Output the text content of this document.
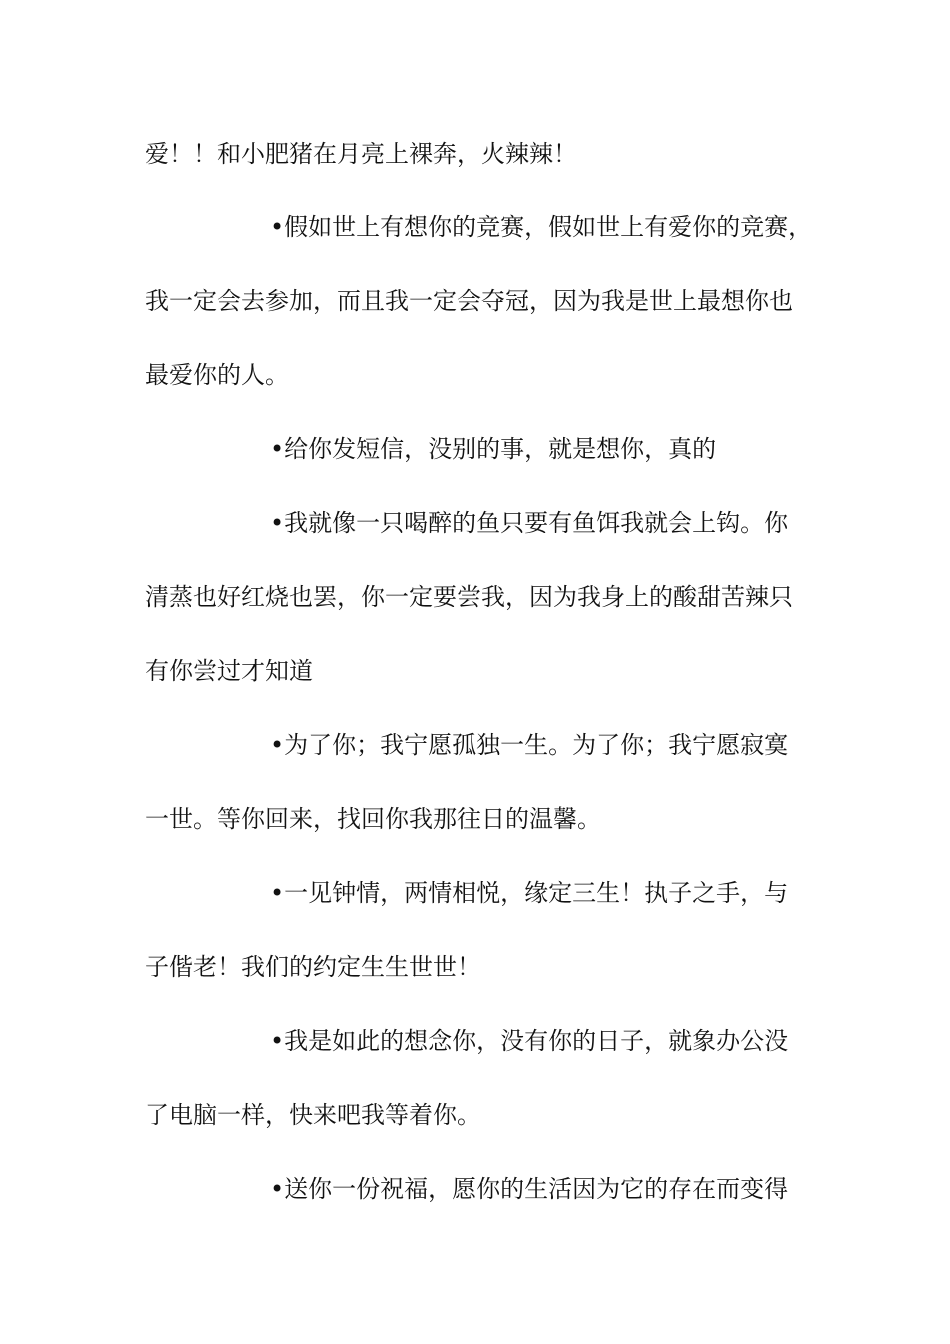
爱！！和小肥猪在月亮上裸奔，火辣辣！
•假如世上有想你的竞赛，假如世上有爱你的竞赛，
我一定会去参加，而且我一定会夺冠，因为我是世上最想你也
最爱你的人。
•给你发短信，没别的事，就是想你，真的
•我就像一只喝醉的鱼只要有鱼饵我就会上钩。你
清蒸也好红烧也罢，你一定要尝我，因为我身上的酸甜苦辣只
有你尝过才知道
•为了你；我宁愿孤独一生。为了你；我宁愿寂寞
一世。等你回来，找回你我那往日的温馨。
•一见钟情，两情相悦，缘定三生！执子之手，与
子偕老！我们的约定生生世世！
•我是如此的想念你，没有你的日子，就象办公没
了电脑一样，快来吧我等着你。
•送你一份祝福，愿你的生活因为它的存在而变得
